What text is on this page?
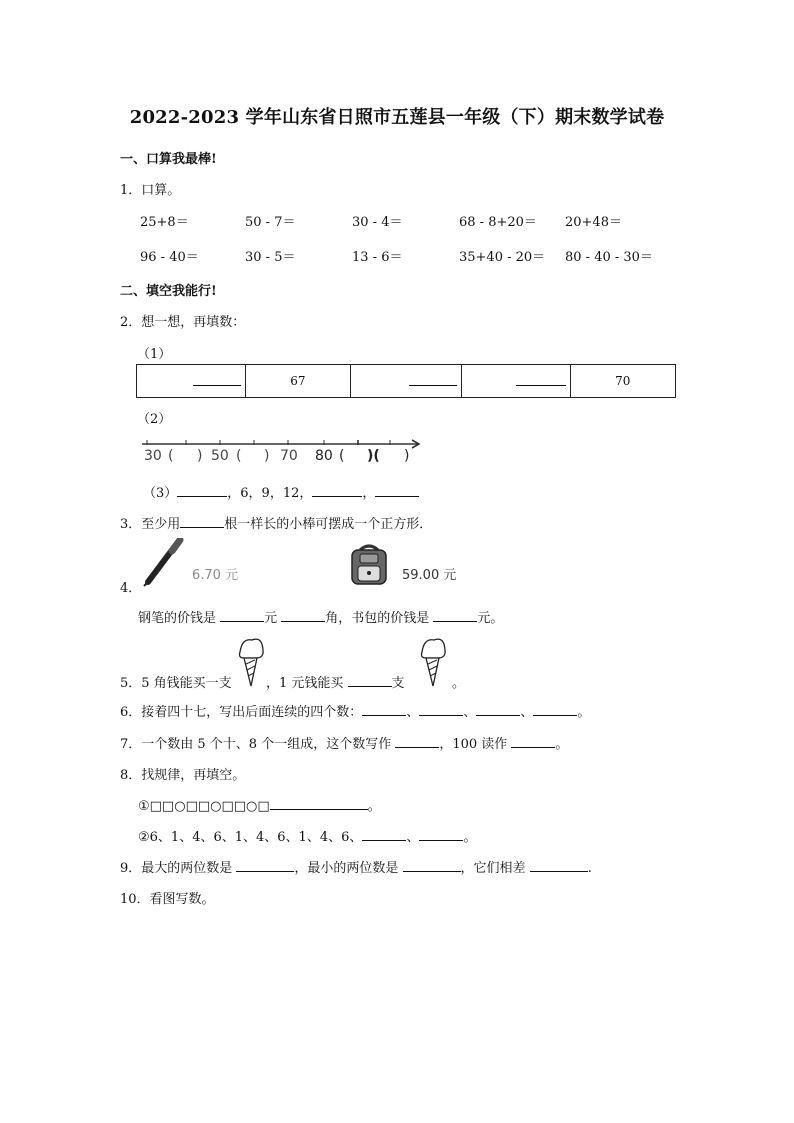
2022-2023 学年山东省日照市五莲县一年级（下）期末数学试卷
一、口算我最棒!
1．口算。
25+8＝	50 - 7＝	30 - 4＝	68 - 8+20＝ 20+48＝
96 - 40＝	30 - 5＝	13 - 6＝	35+40 - 20＝ 80 - 40 - 30＝
二、填空我能行!
2．想一想，再填数：
（1）
	67			70
（2）
30 ( ) 50 ( ) 70 80 ( )( )
（3）	，6，9，12，	，
3．至少用	根一样长的小棒可摆成一个正方形．
4．
6.70 元	59.00 元
钢笔的价钱是	元	角，书包的价钱是	元。
5．5 角钱能买一支	，1 元钱能买	支	。
6．接着四十七，写出后面连续的四个数：	、	、	、	。
7．一个数由 5 个十、8 个一组成，这个数写作	，100 读作	。
8．找规律，再填空。
①□□○□□○□□○□	。
②6、1、4、6、1、4、6、1、4、6、	、	。
9．最大的两位数是	，最小的两位数是	，它们相差	.
10．看图写数。
